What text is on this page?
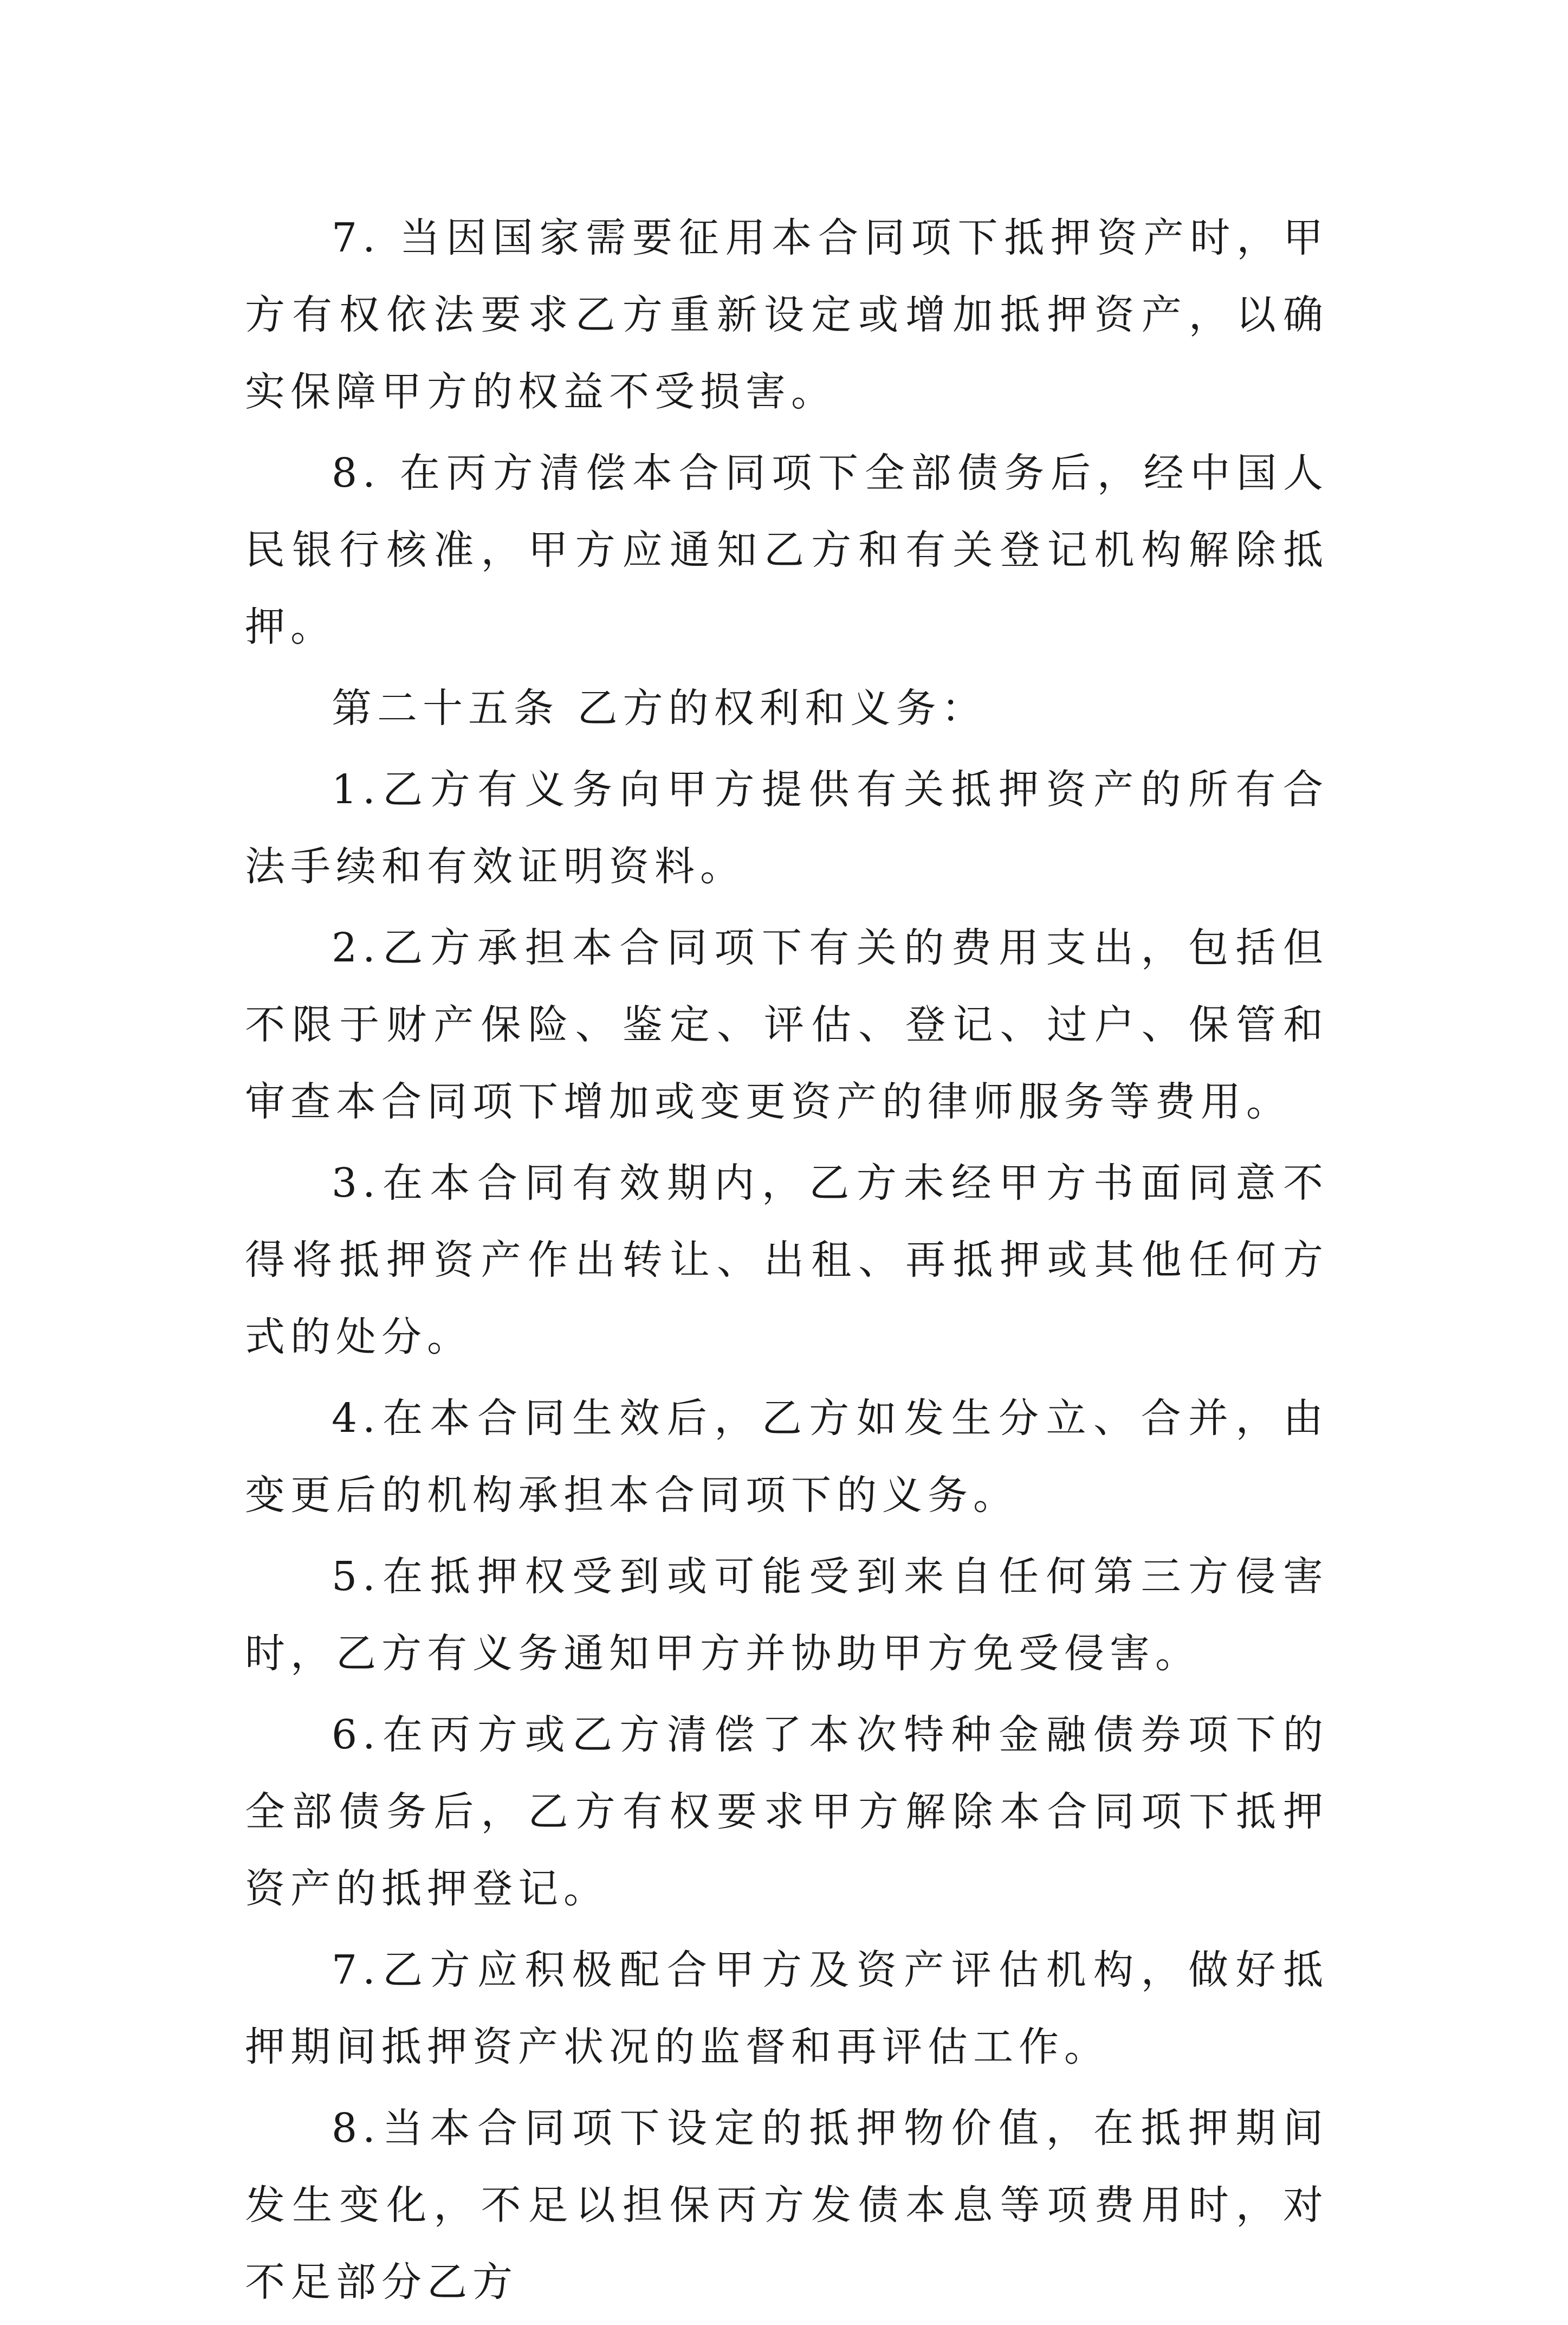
7. 当因国家需要征用本合同项下抵押资产时，甲方有权依法要求乙方重新设定或增加抵押资产，以确实保障甲方的权益不受损害。

8. 在丙方清偿本合同项下全部债务后，经中国人民银行核准，甲方应通知乙方和有关登记机构解除抵押。

第二十五条 乙方的权利和义务：

1.乙方有义务向甲方提供有关抵押资产的所有合法手续和有效证明资料。

2.乙方承担本合同项下有关的费用支出，包括但不限于财产保险、鉴定、评估、登记、过户、保管和审查本合同项下增加或变更资产的律师服务等费用。

3.在本合同有效期内，乙方未经甲方书面同意不得将抵押资产作出转让、出租、再抵押或其他任何方式的处分。

4.在本合同生效后，乙方如发生分立、合并，由变更后的机构承担本合同项下的义务。

5.在抵押权受到或可能受到来自任何第三方侵害时，乙方有义务通知甲方并协助甲方免受侵害。

6.在丙方或乙方清偿了本次特种金融债券项下的全部债务后，乙方有权要求甲方解除本合同项下抵押资产的抵押登记。

7.乙方应积极配合甲方及资产评估机构，做好抵押期间抵押资产状况的监督和再评估工作。

8.当本合同项下设定的抵押物价值，在抵押期间发生变化，不足以担保丙方发债本息等项费用时，对不足部分乙方
